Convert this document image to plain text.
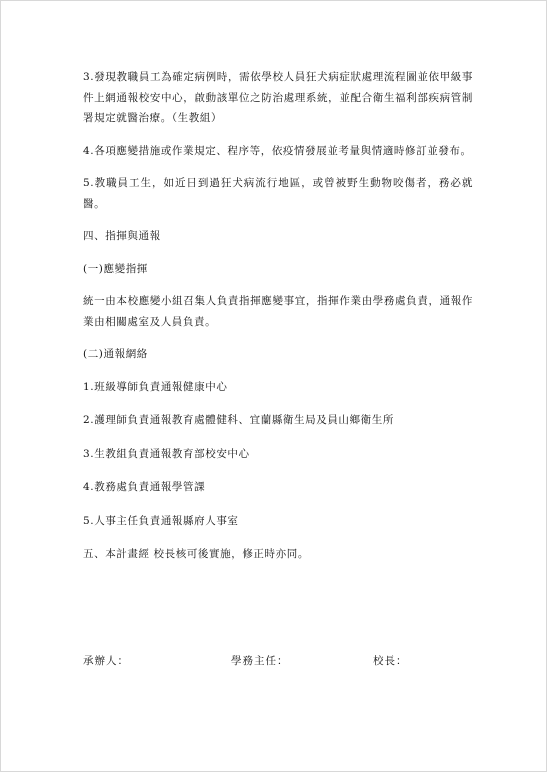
3.發現教職員工為確定病例時，需依學校人員狂犬病症狀處理流程圖並依甲級事件上網通報校安中心，啟動該單位之防治處理系統，並配合衛生福利部疾病管制署規定就醫治療。（生教組）

4.各項應變措施或作業規定、程序等，依疫情發展並考量與情適時修訂並發布。

5.教職員工生，如近日到過狂犬病流行地區，或曾被野生動物咬傷者，務必就醫。

四、指揮與通報

(一)應變指揮

統一由本校應變小組召集人負責指揮應變事宜，指揮作業由學務處負責，通報作業由相關處室及人員負責。

(二)通報網絡

1.班級導師負責通報健康中心

2.護理師負責通報教育處體健科、宜蘭縣衛生局及員山鄉衛生所

3.生教組負責通報教育部校安中心

4.教務處負責通報學管課

5.人事主任負責通報縣府人事室

五、本計畫經 校長核可後實施，修正時亦同。

承辦人：	學務主任：	校長：
